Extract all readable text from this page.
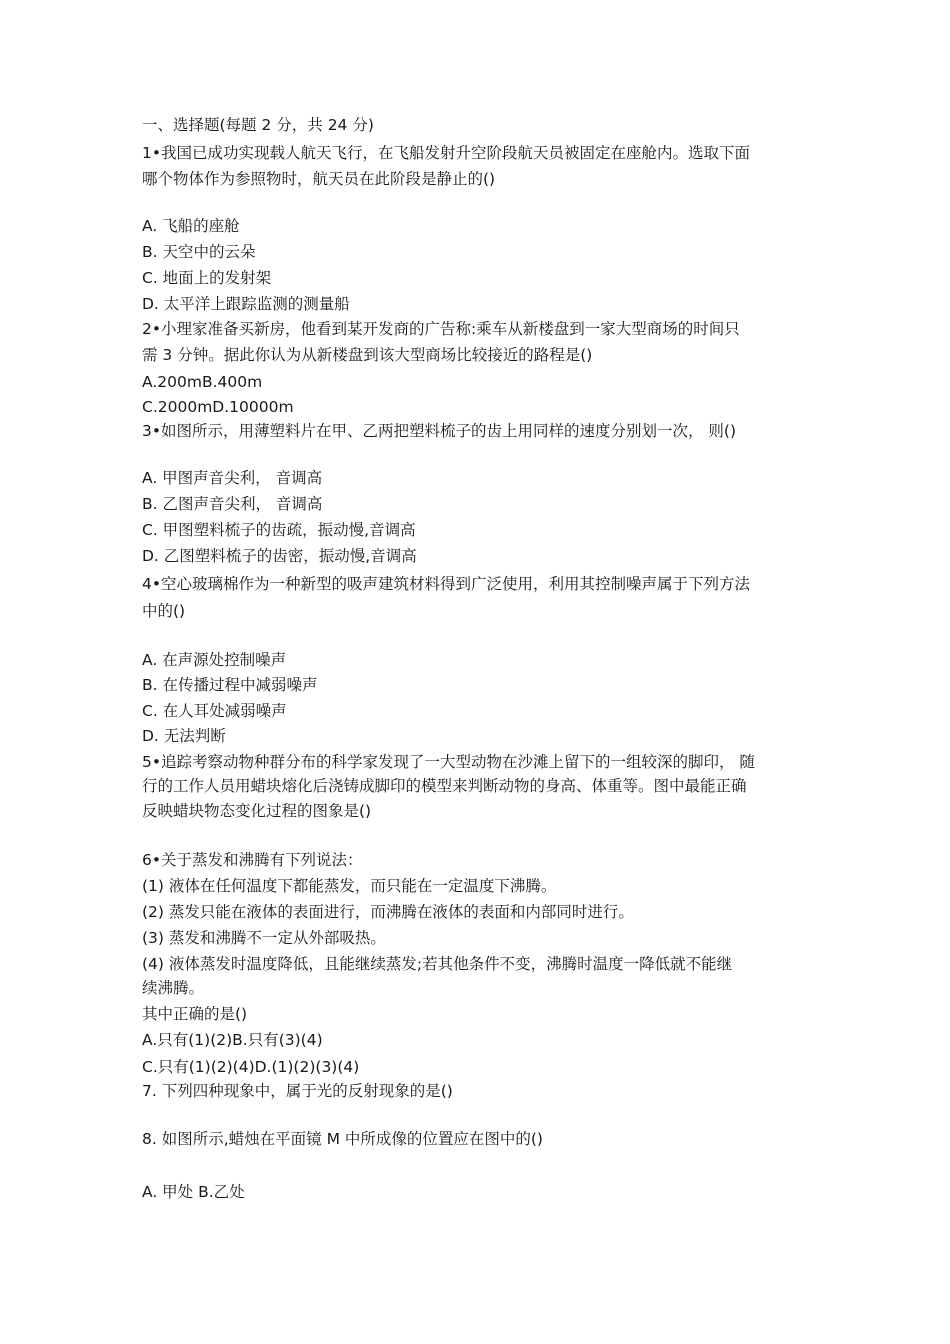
一、选择题(每题 2 分，共 24 分)
1•我国已成功实现载人航天飞行，在飞船发射升空阶段航天员被固定在座舱内。选取下面
哪个物体作为参照物时，航天员在此阶段是静止的()
A. 飞船的座舱
B. 天空中的云朵
C. 地面上的发射架
D. 太平洋上跟踪监测的测量船
2•小理家准备买新房，他看到某开发商的广告称:乘车从新楼盘到一家大型商场的时间只
需 3 分钟。据此你认为从新楼盘到该大型商场比较接近的路程是()
A.200mB.400m
C.2000mD.10000m
3•如图所示，用薄塑料片在甲、乙两把塑料梳子的齿上用同样的速度分别划一次， 则()
A. 甲图声音尖利， 音调高
B. 乙图声音尖利， 音调高
C. 甲图塑料梳子的齿疏，振动慢,音调高
D. 乙图塑料梳子的齿密，振动慢,音调高
4•空心玻璃棉作为一种新型的吸声建筑材料得到广泛使用，利用其控制噪声属于下列方法
中的()
A. 在声源处控制噪声
B. 在传播过程中减弱噪声
C. 在人耳处减弱噪声
D. 无法判断
5•追踪考察动物种群分布的科学家发现了一大型动物在沙滩上留下的一组较深的脚印， 随
行的工作人员用蜡块熔化后浇铸成脚印的模型来判断动物的身高、体重等。图中最能正确
反映蜡块物态变化过程的图象是()
6•关于蒸发和沸腾有下列说法：
(1) 液体在任何温度下都能蒸发，而只能在一定温度下沸腾。
(2) 蒸发只能在液体的表面进行，而沸腾在液体的表面和内部同时进行。
(3) 蒸发和沸腾不一定从外部吸热。
(4) 液体蒸发时温度降低，且能继续蒸发;若其他条件不变，沸腾时温度一降低就不能继
续沸腾。
其中正确的是()
A.只有(1)(2)B.只有(3)(4)
C.只有(1)(2)(4)D.(1)(2)(3)(4)
7. 下列四种现象中，属于光的反射现象的是()
8. 如图所示,蜡烛在平面镜 M 中所成像的位置应在图中的()
A. 甲处 B.乙处
